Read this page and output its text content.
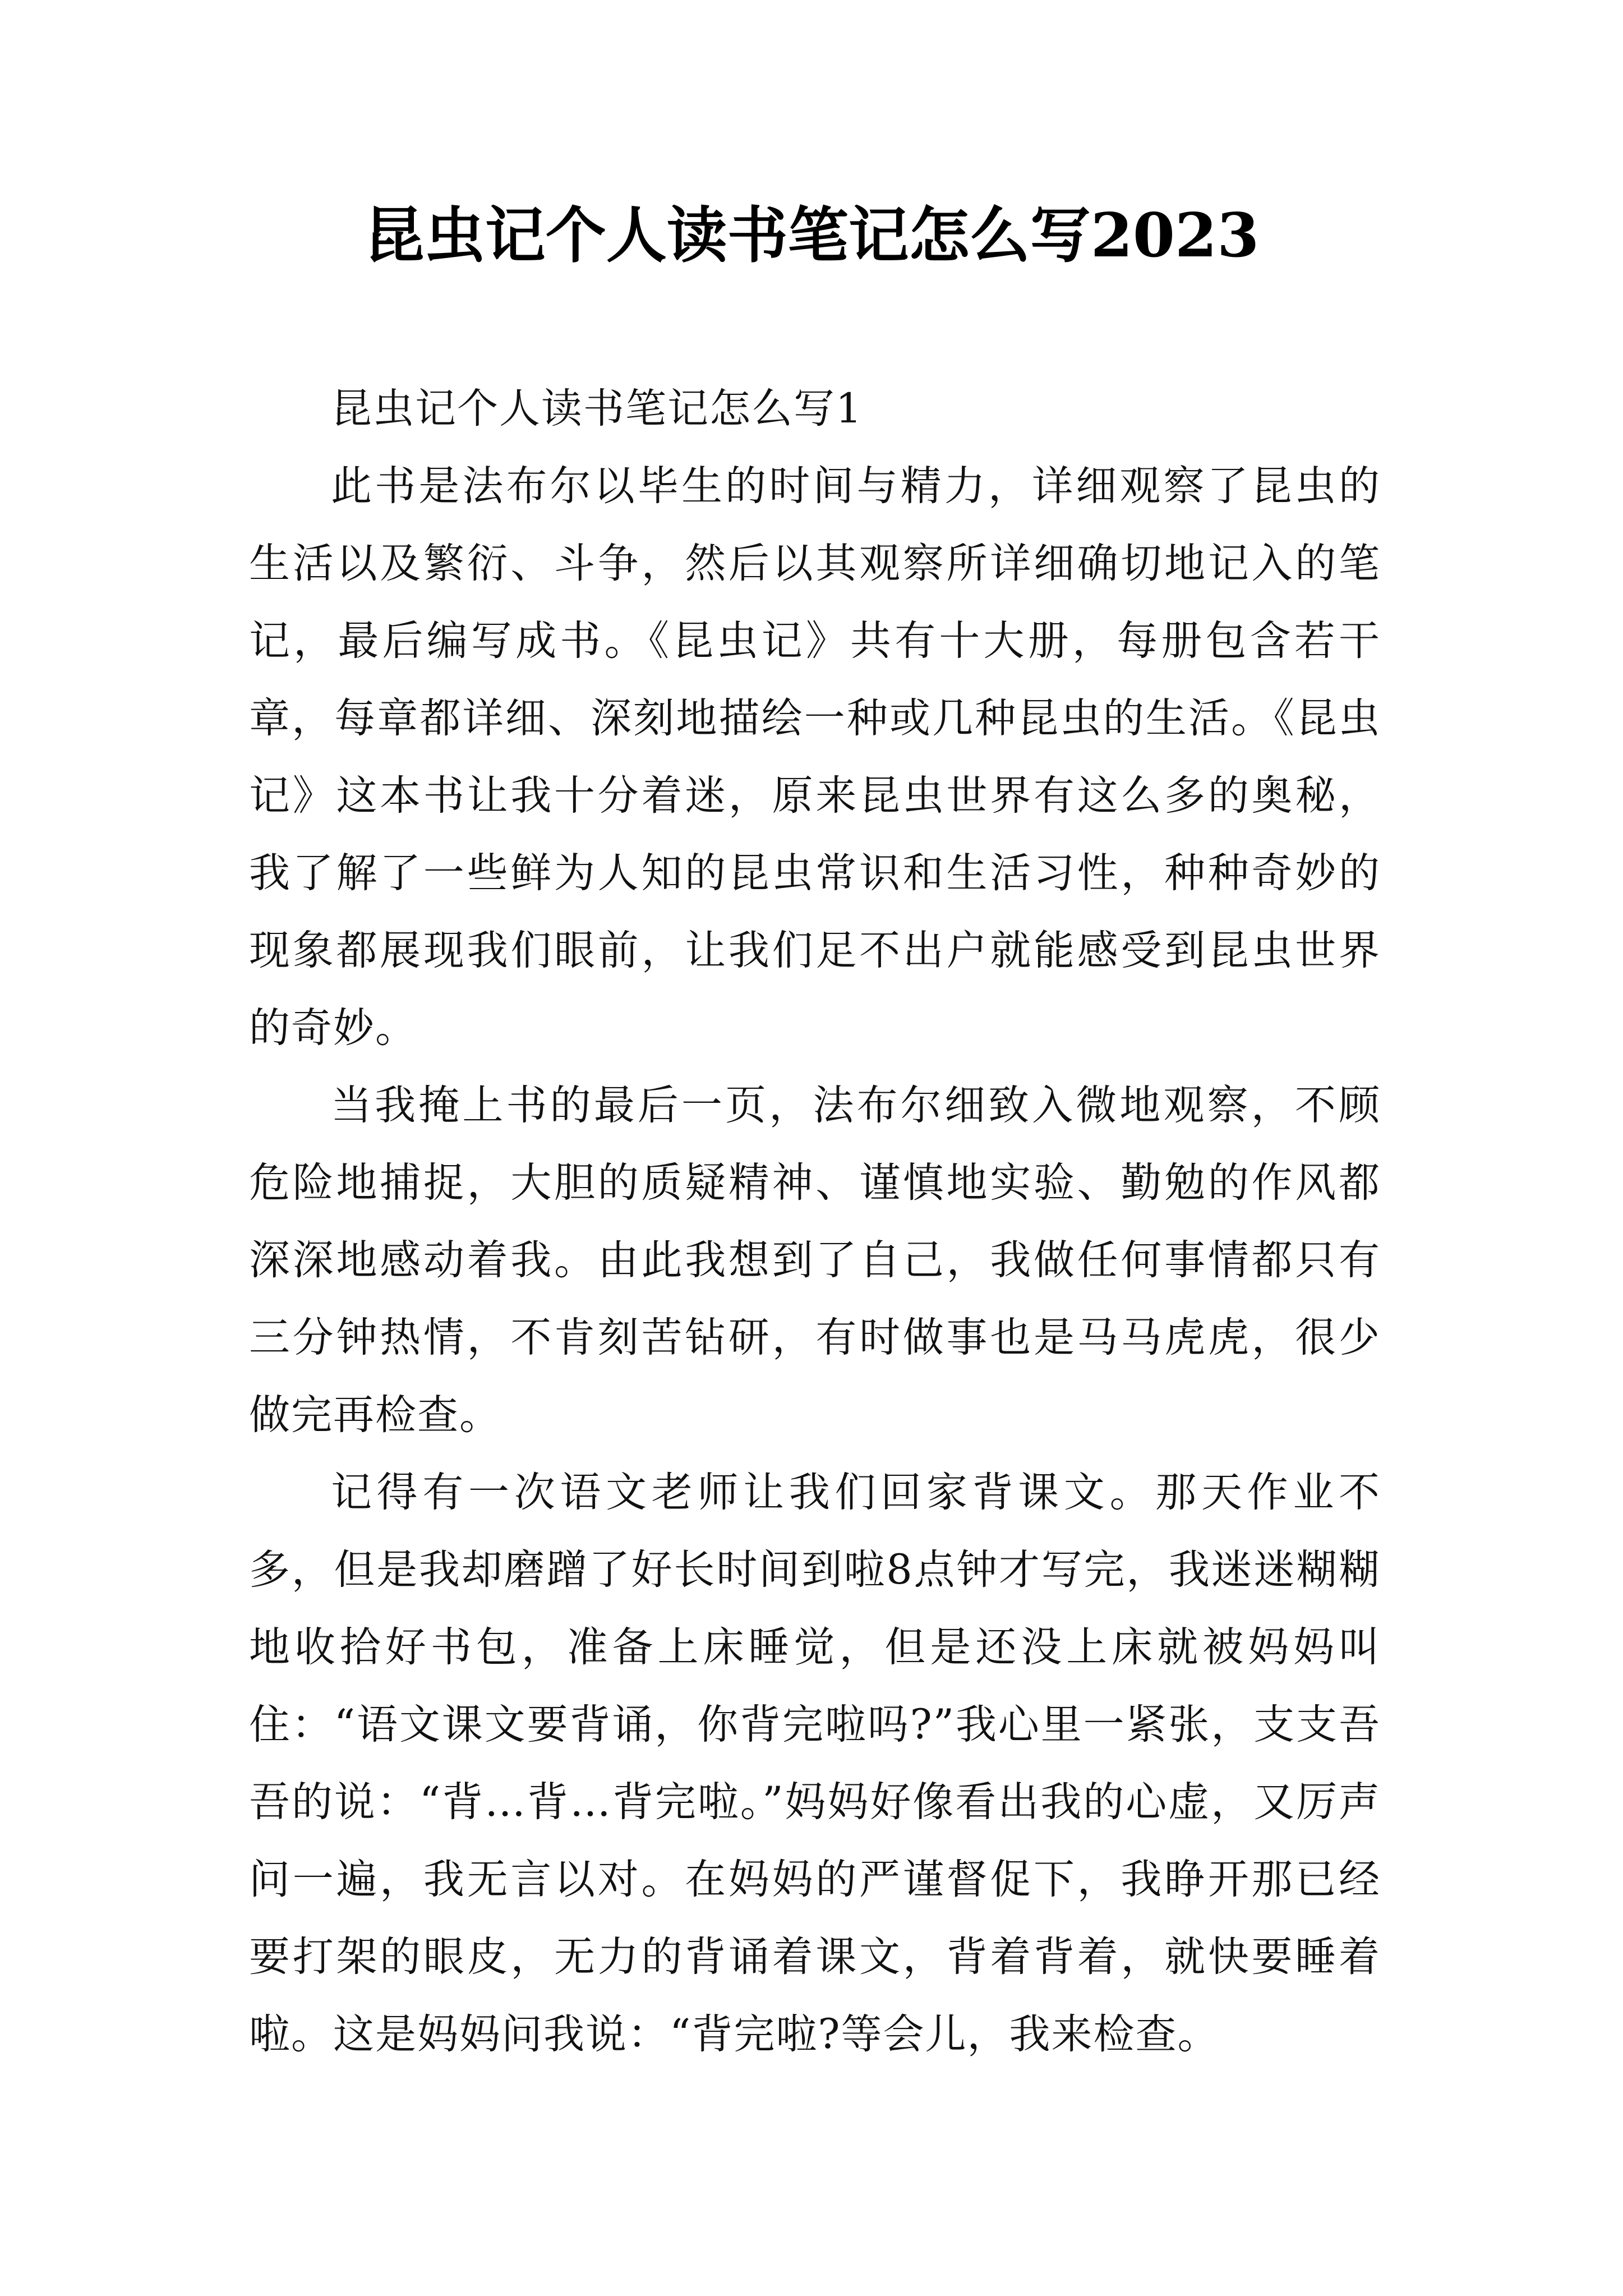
昆虫记个人读书笔记怎么写2023

昆虫记个人读书笔记怎么写1

此书是法布尔以毕生的时间与精力，详细观察了昆虫的生活以及繁衍、斗争，然后以其观察所详细确切地记入的笔记，最后编写成书。《昆虫记》共有十大册，每册包含若干章，每章都详细、深刻地描绘一种或几种昆虫的生活。《昆虫记》这本书让我十分着迷，原来昆虫世界有这么多的奥秘，我了解了一些鲜为人知的昆虫常识和生活习性，种种奇妙的现象都展现我们眼前，让我们足不出户就能感受到昆虫世界的奇妙。

当我掩上书的最后一页，法布尔细致入微地观察，不顾危险地捕捉，大胆的质疑精神、谨慎地实验、勤勉的作风都深深地感动着我。由此我想到了自己，我做任何事情都只有三分钟热情，不肯刻苦钻研，有时做事也是马马虎虎，很少做完再检查。

记得有一次语文老师让我们回家背课文。那天作业不多，但是我却磨蹭了好长时间到啦8点钟才写完，我迷迷糊糊地收拾好书包，准备上床睡觉，但是还没上床就被妈妈叫住：“语文课文要背诵，你背完啦吗?”我心里一紧张，支支吾吾的说：“背…背…背完啦。”妈妈好像看出我的心虚，又厉声问一遍，我无言以对。在妈妈的严谨督促下，我睁开那已经要打架的眼皮，无力的背诵着课文，背着背着，就快要睡着啦。这是妈妈问我说：“背完啦?等会儿，我来检查。
